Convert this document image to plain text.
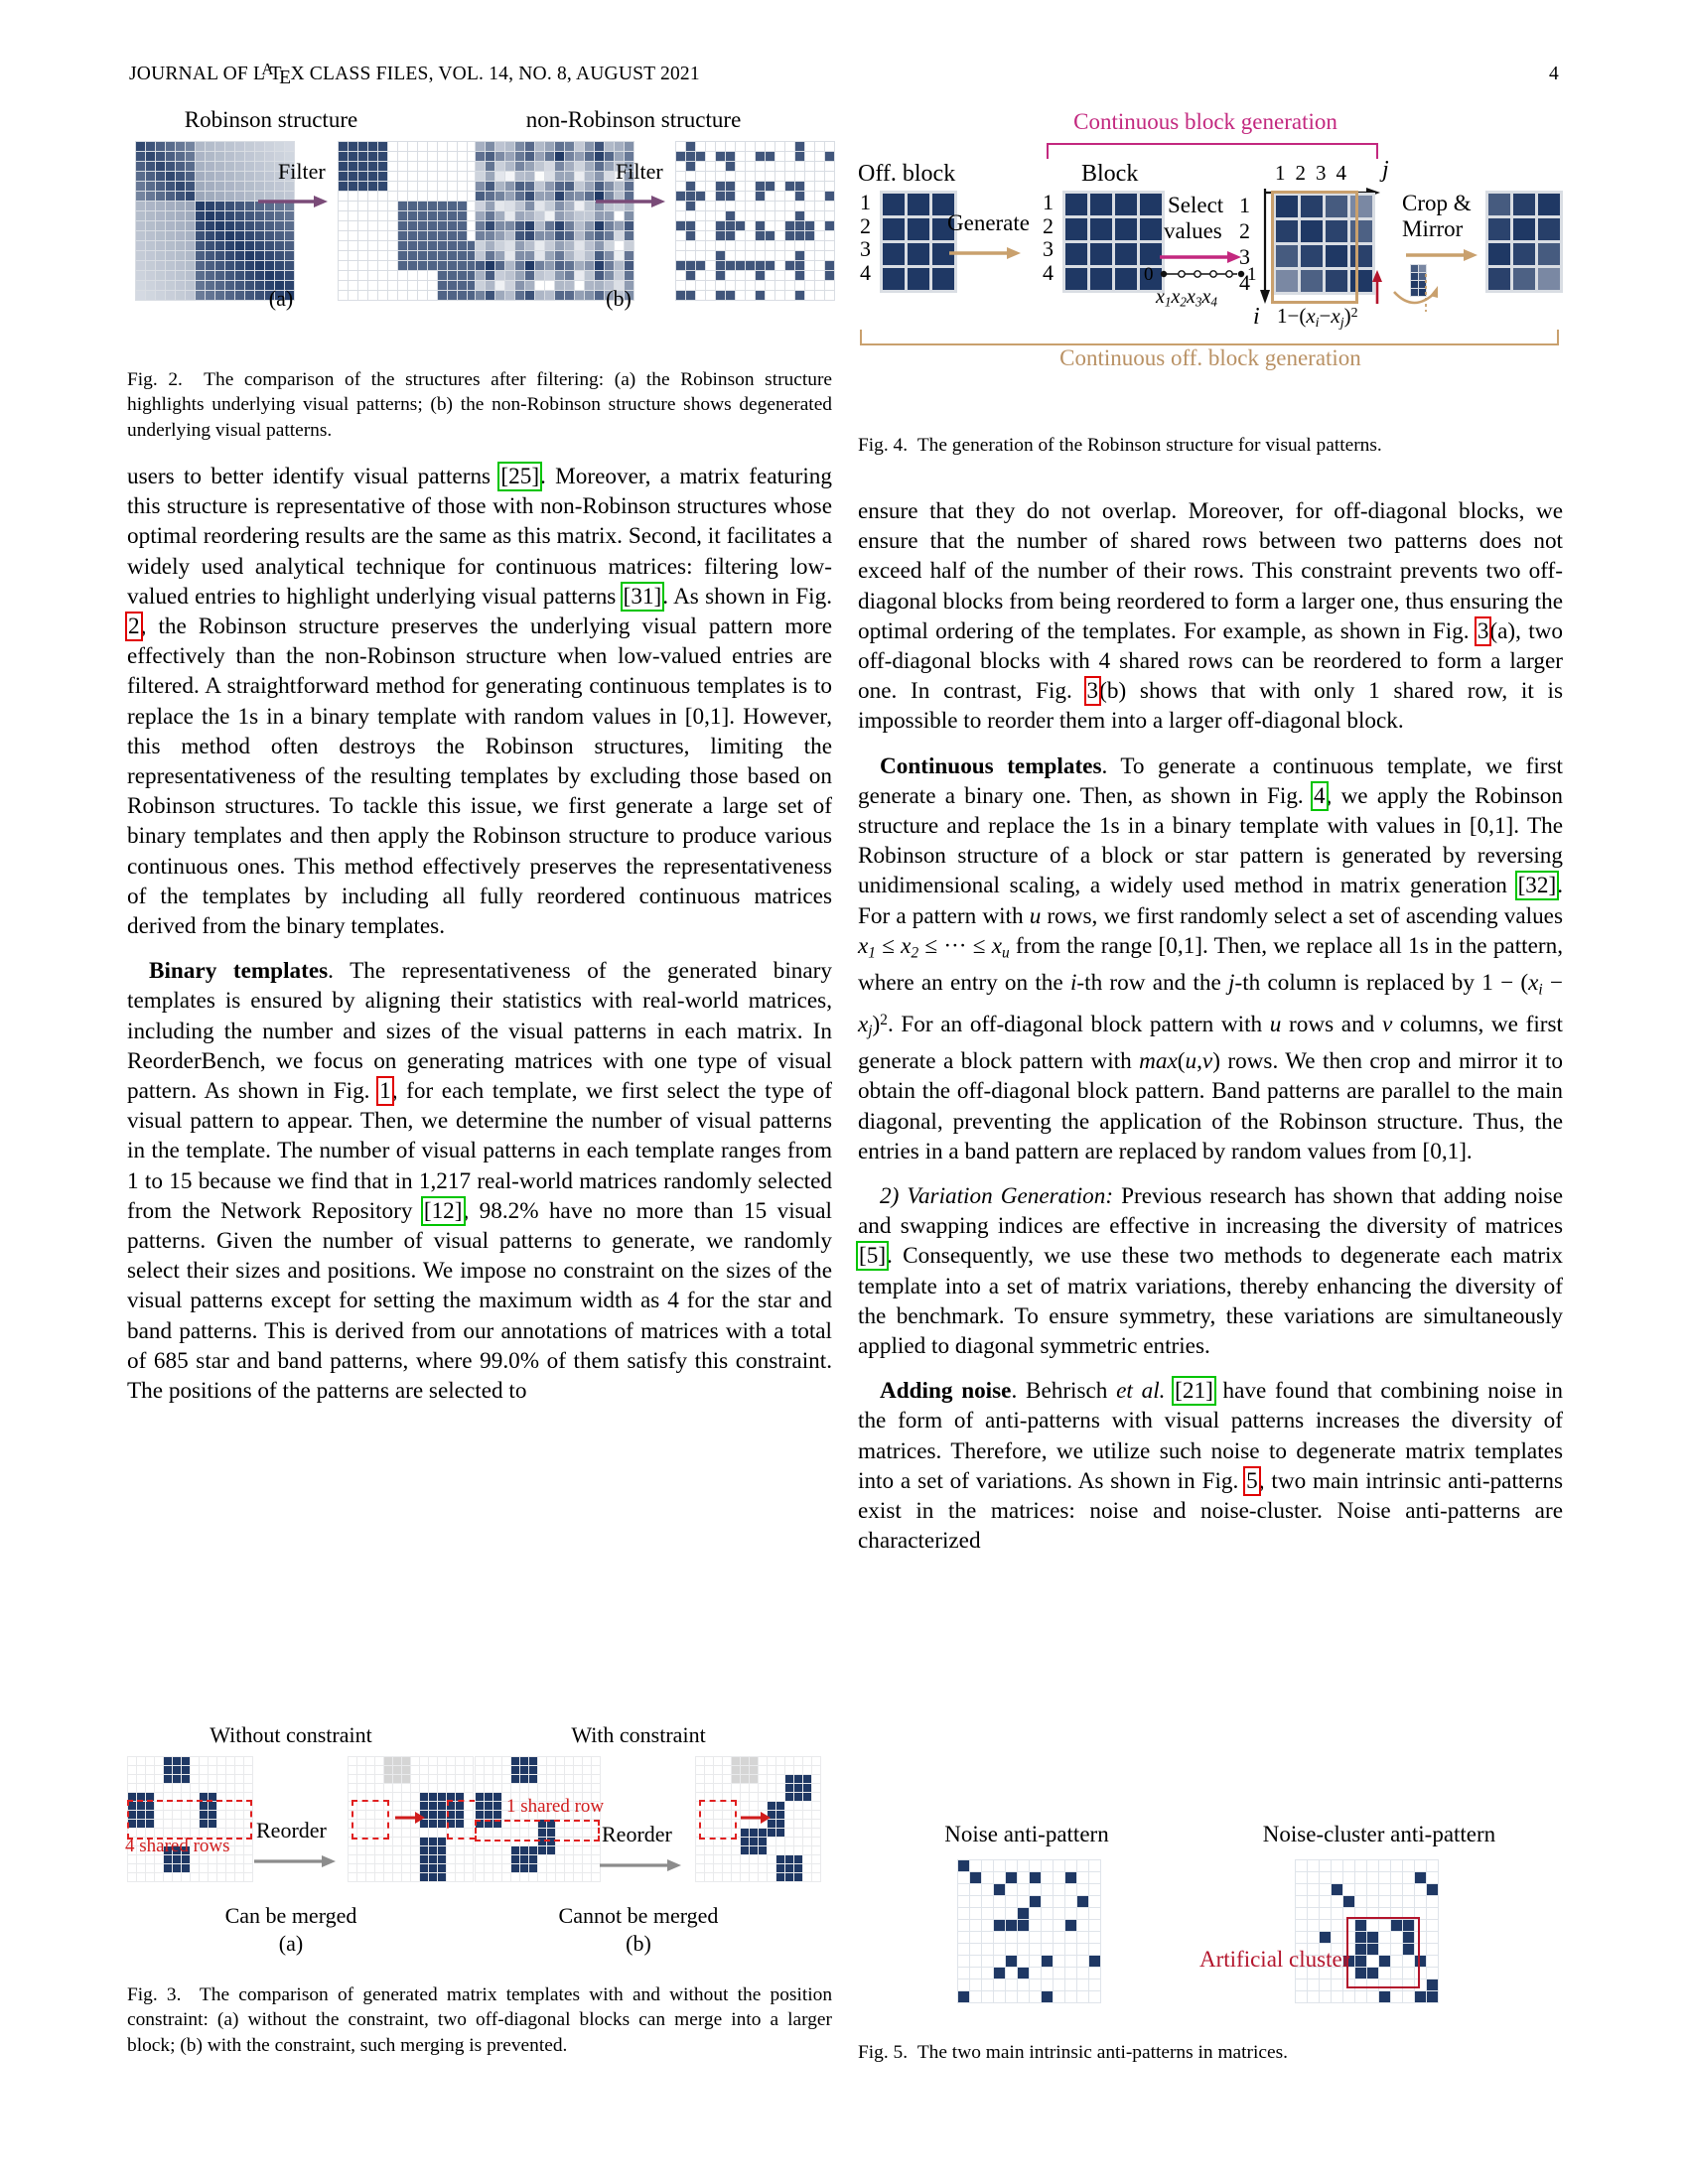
JOURNAL OF $L^ATEX$ CLASS FILES, VOL. 14, NO. 8, AUGUST 2021	4
Robinson structure	non-Robinson structure

Filter	Filter

(a)	(b)
Fig. 2. The comparison of the structures after filtering: (a) the Robinson structure highlights underlying visual patterns; (b) the non-Robinson structure shows degenerated underlying visual patterns.

users to better identify visual patterns [25]. Moreover, a matrix featuring this structure is representative of those with non-Robinson structures whose optimal reordering results are the same as this matrix. Second, it facilitates a widely used analytical technique for continuous matrices: filtering low-valued entries to highlight underlying visual patterns [31]. As shown in Fig. 2, the Robinson structure preserves the underlying visual pattern more effectively than the non-Robinson structure when low-valued entries are filtered. A straightforward method for generating continuous templates is to replace the 1s in a binary template with random values in [0,1]. However, this method often destroys the Robinson structures, limiting the representativeness of the resulting templates by excluding those based on Robinson structures. To tackle this issue, we first generate a large set of binary templates and then apply the Robinson structure to produce various continuous ones. This method effectively preserves the representativeness of the templates by including all fully reordered continuous matrices derived from the binary templates.

Binary templates. The representativeness of the generated binary templates is ensured by aligning their statistics with real-world matrices, including the number and sizes of the visual patterns in each matrix. In ReorderBench, we focus on generating matrices with one type of visual pattern. As shown in Fig. 1, for each template, we first select the type of visual pattern to appear. Then, we determine the number of visual patterns in the template. The number of visual patterns in each template ranges from 1 to 15 because we find that in 1,217 real-world matrices randomly selected from the Network Repository [12], 98.2% have no more than 15 visual patterns. Given the number of visual patterns to generate, we randomly select their sizes and positions. We impose no constraint on the sizes of the visual patterns except for setting the maximum width as 4 for the star and band patterns. This is derived from our annotations of matrices with a total of 685 star and band patterns, where 99.0% of them satisfy this constraint. The positions of the patterns are selected to

Without constraint	With constraint

4 shared rows
Reorder

1 shared row
Reorder

Can be merged	Cannot be merged
(a)	(b)
Fig. 3. The comparison of generated matrix templates with and without the position constraint: (a) without the constraint, two off-diagonal blocks can merge into a larger block; (b) with the constraint, such merging is prevented.
Continuous block generation
Off. block	Block
1
2
3
4

Generate
1
2
3
4

Select
values
0	1
$x_1x_2x_3x_4$
1234 j
i
1
2
3
4

$1-(x_i-x_j)^2$
Crop &
Mirror

Continuous off. block generation
Fig. 4. The generation of the Robinson structure for visual patterns.

ensure that they do not overlap. Moreover, for off-diagonal blocks, we ensure that the number of shared rows between two patterns does not exceed half of the number of their rows. This constraint prevents two off-diagonal blocks from being reordered to form a larger one, thus ensuring the optimal ordering of the templates. For example, as shown in Fig. 3(a), two off-diagonal blocks with 4 shared rows can be reordered to form a larger one. In contrast, Fig. 3(b) shows that with only 1 shared row, it is impossible to reorder them into a larger off-diagonal block.

Continuous templates. To generate a continuous template, we first generate a binary one. Then, as shown in Fig. 4, we apply the Robinson structure and replace the 1s in a binary template with values in [0,1]. The Robinson structure of a block or star pattern is generated by reversing unidimensional scaling, a widely used method in matrix generation [32]. For a pattern with u rows, we first randomly select a set of ascending values $x_1 \le x_2$ ≤ ··· ≤ $x_u$ from the range [0,1]. Then, we replace all 1s in the pattern, where an entry on the i-th row and the j-th column is replaced by $1 - (x_i - x_j)^2$. For an off-diagonal block pattern with u rows and v columns, we first generate a block pattern with max(u,v) rows. We then crop and mirror it to obtain the off-diagonal block pattern. Band patterns are parallel to the main diagonal, preventing the application of the Robinson structure. Thus, the entries in a band pattern are replaced by random values from [0,1].

2) Variation Generation: Previous research has shown that adding noise and swapping indices are effective in increasing the diversity of matrices [5]. Consequently, we use these two methods to degenerate each matrix template into a set of matrix variations, thereby enhancing the diversity of the benchmark. To ensure symmetry, these variations are simultaneously applied to diagonal symmetric entries.

Adding noise. Behrisch et al. [21] have found that combining noise in the form of anti-patterns with visual patterns increases the diversity of matrices. Therefore, we utilize such noise to degenerate matrix templates into a set of variations. As shown in Fig. 5, two main intrinsic anti-patterns exist in the matrices: noise and noise-cluster. Noise anti-patterns are characterized

Noise anti-pattern	Noise-cluster anti-pattern

Artificial cluster
Fig. 5. The two main intrinsic anti-patterns in matrices.
